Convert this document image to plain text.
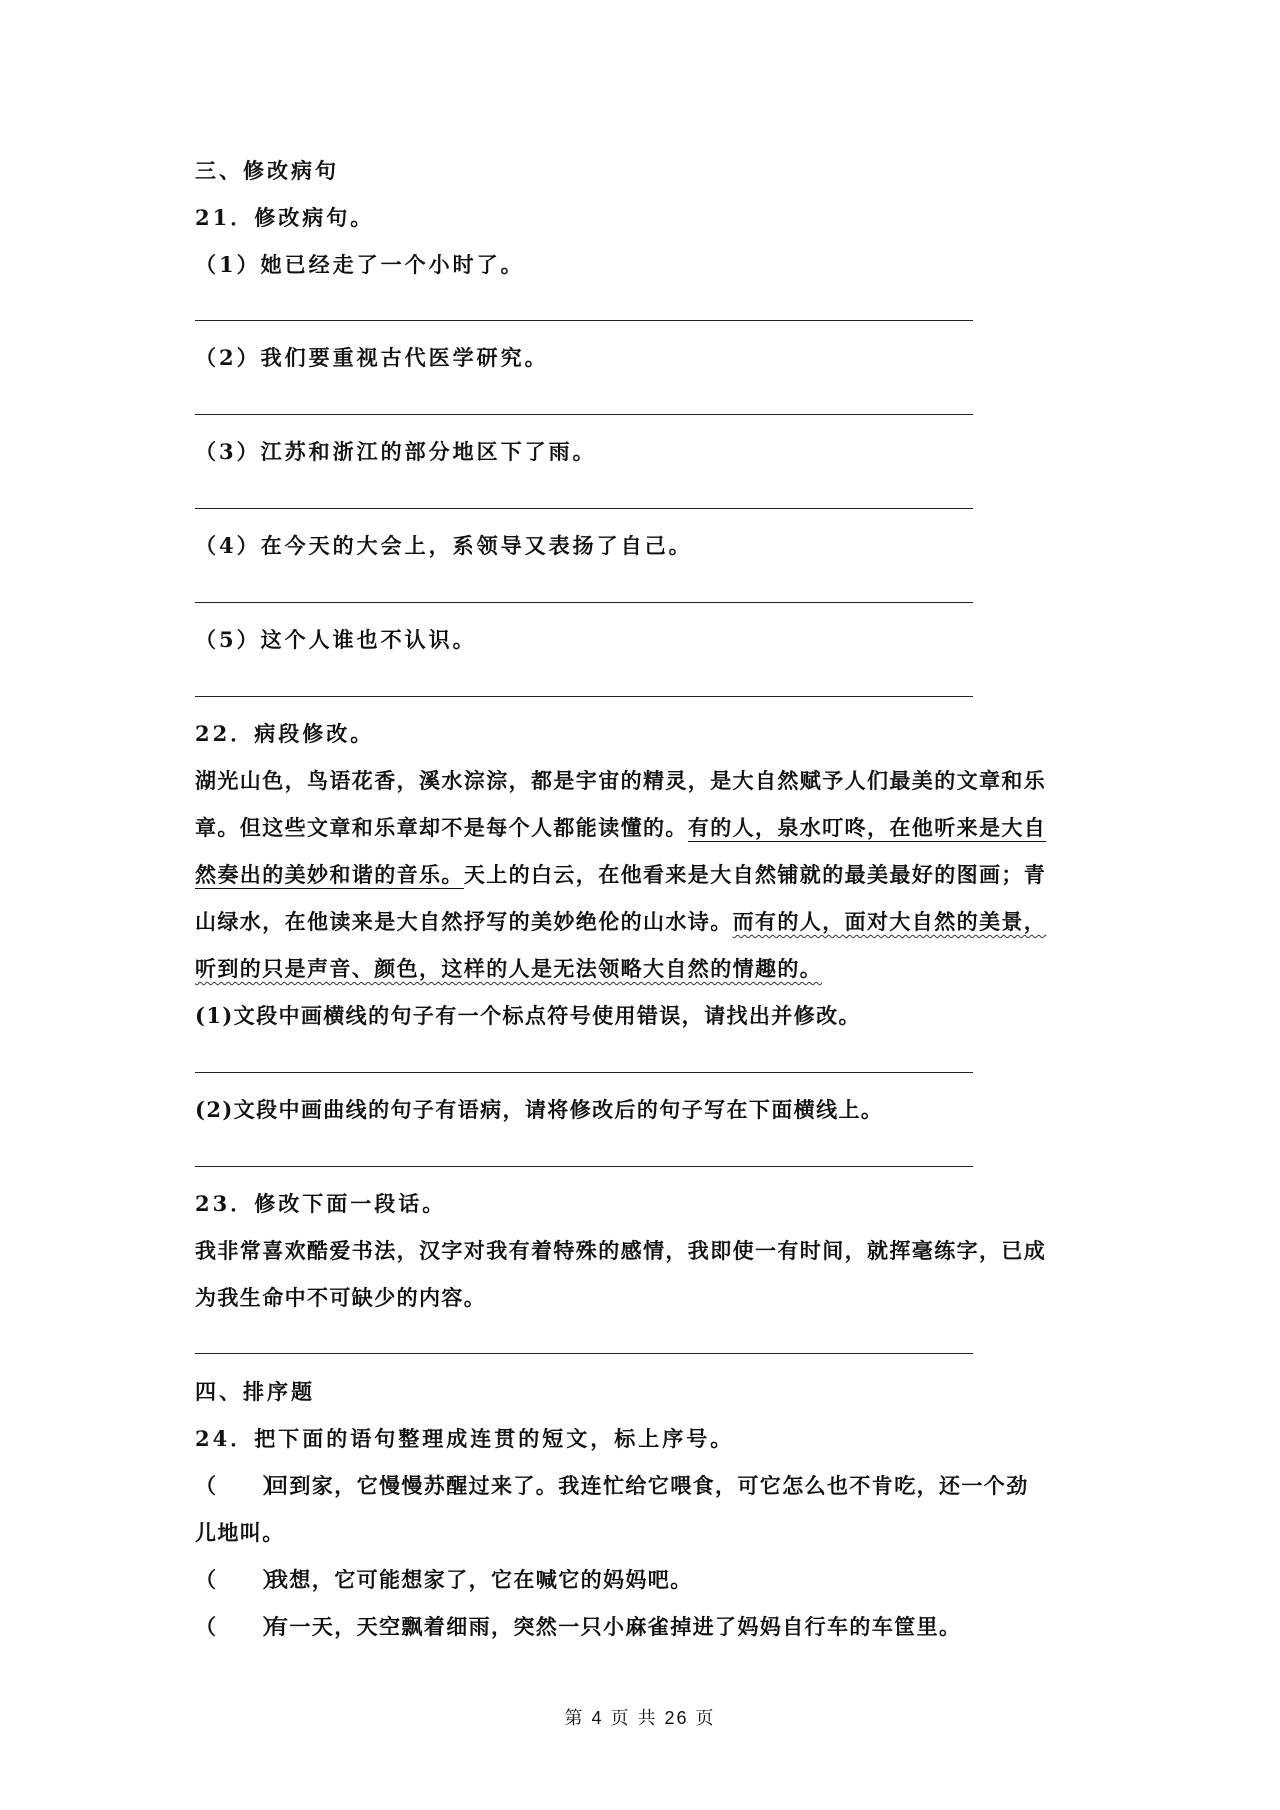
三、修改病句

21．修改病句。

（1）她已经走了一个小时了。

（2）我们要重视古代医学研究。

（3）江苏和浙江的部分地区下了雨。

（4）在今天的大会上，系领导又表扬了自己。

（5）这个人谁也不认识。

22．病段修改。

湖光山色，鸟语花香，溪水淙淙，都是宇宙的精灵，是大自然赋予人们最美的文章和乐

章。但这些文章和乐章却不是每个人都能读懂的。有的人，泉水叮咚，在他听来是大自

然奏出的美妙和谐的音乐。天上的白云，在他看来是大自然铺就的最美最好的图画；青

山绿水，在他读来是大自然抒写的美妙绝伦的山水诗。而有的人，面对大自然的美景，

听到的只是声音、颜色，这样的人是无法领略大自然的情趣的。

(1)文段中画横线的句子有一个标点符号使用错误，请找出并修改。

(2)文段中画曲线的句子有语病，请将修改后的句子写在下面横线上。

23．修改下面一段话。

我非常喜欢酷爱书法，汉字对我有着特殊的感情，我即使一有时间，就挥毫练字，已成

为我生命中不可缺少的内容。

四、排序题

24．把下面的语句整理成连贯的短文，标上序号。

（　　）回到家，它慢慢苏醒过来了。我连忙给它喂食，可它怎么也不肯吃，还一个劲

儿地叫。

（　　）我想，它可能想家了，它在喊它的妈妈吧。

（　　）有一天，天空飘着细雨，突然一只小麻雀掉进了妈妈自行车的车筐里。

第 4 页 共 26 页
